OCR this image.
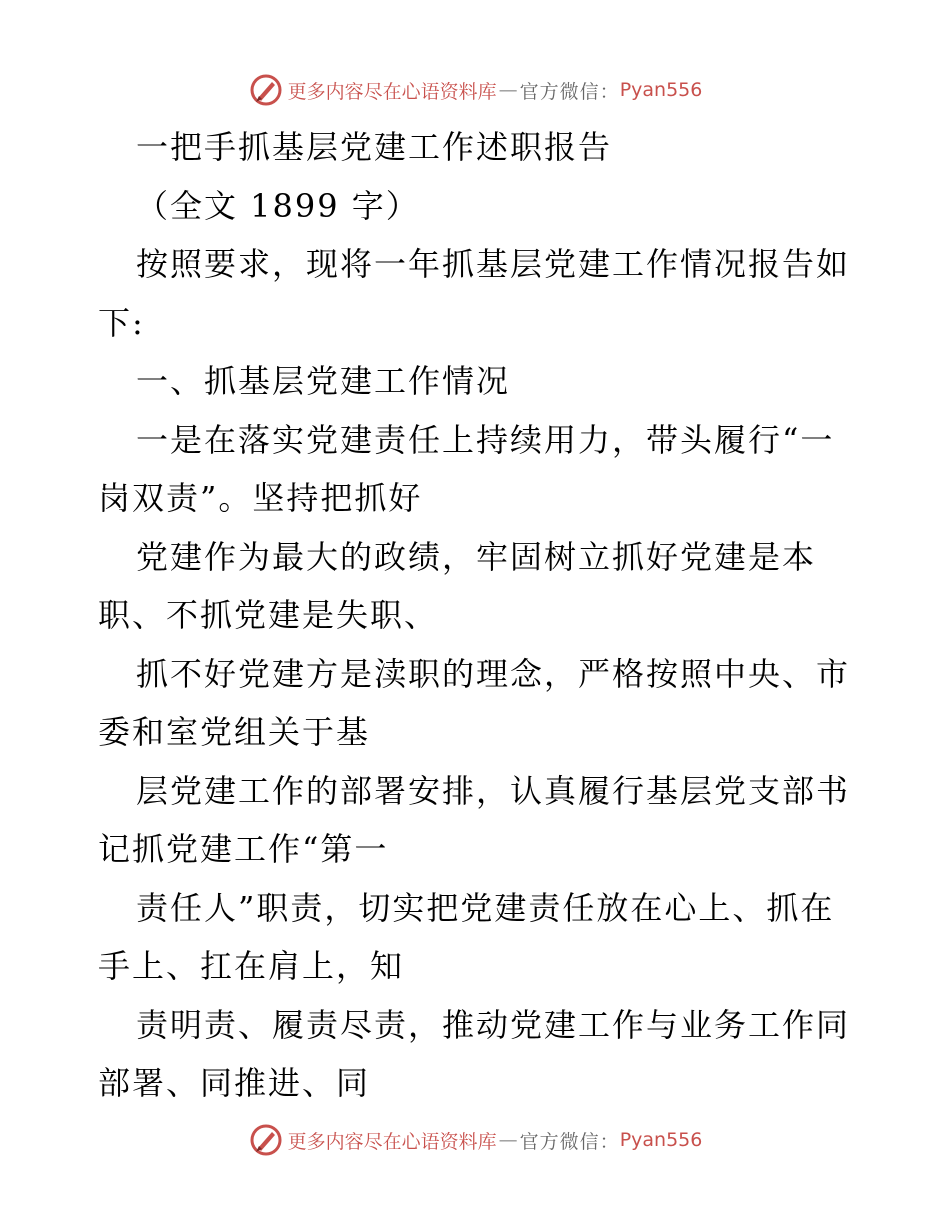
更多内容尽在心语资料库 — 官方微信： Pyan556
一把手抓基层党建工作述职报告
（全文 1899 字）
按照要求，现将一年抓基层党建工作情况报告如
下:
一、抓基层党建工作情况
一是在落实党建责任上持续用力，带头履行“一
岗双责”。坚持把抓好
党建作为最大的政绩，牢固树立抓好党建是本
职、不抓党建是失职、
抓不好党建方是渎职的理念，严格按照中央、市
委和室党组关于基
层党建工作的部署安排，认真履行基层党支部书
记抓党建工作“第一
责任人”职责，切实把党建责任放在心上、抓在
手上、扛在肩上，知
责明责、履责尽责，推动党建工作与业务工作同
部署、同推进、同
更多内容尽在心语资料库 — 官方微信： Pyan556
